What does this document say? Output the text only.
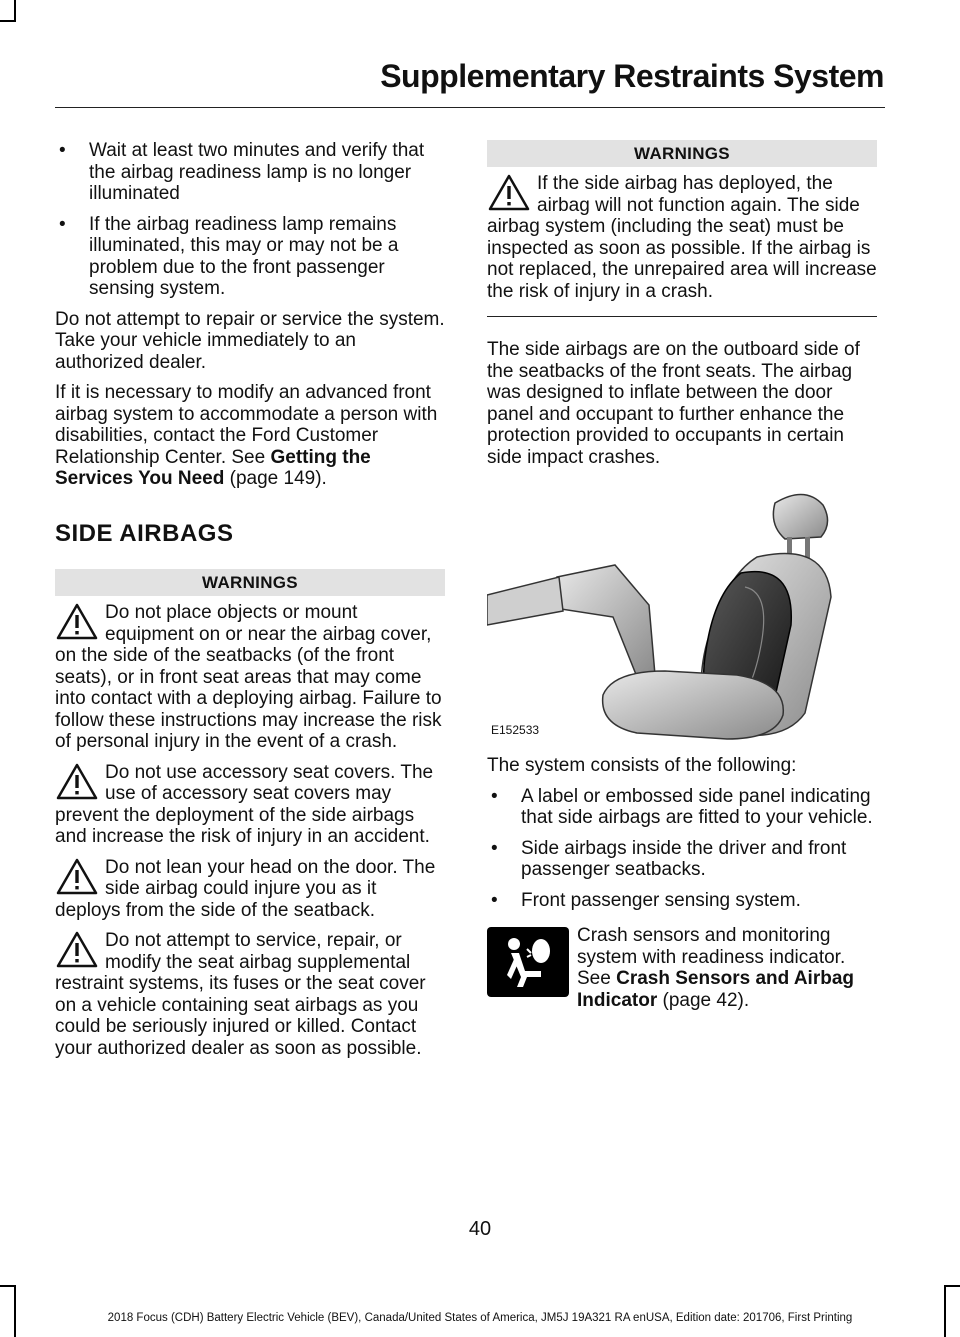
Supplementary Restraints System
• Wait at least two minutes and verify that the airbag readiness lamp is no longer illuminated
• If the airbag readiness lamp remains illuminated, this may or may not be a problem due to the front passenger sensing system.

Do not attempt to repair or service the system. Take your vehicle immediately to an authorized dealer.

If it is necessary to modify an advanced front airbag system to accommodate a person with disabilities, contact the Ford Customer Relationship Center. See Getting the Services You Need (page 149).

SIDE AIRBAGS
WARNINGS
Do not place objects or mount equipment on or near the airbag cover, on the side of the seatbacks (of the front seats), or in front seat areas that may come into contact with a deploying airbag. Failure to follow these instructions may increase the risk of personal injury in the event of a crash.
Do not use accessory seat covers. The use of accessory seat covers may prevent the deployment of the side airbags and increase the risk of injury in an accident.
Do not lean your head on the door. The side airbag could injure you as it deploys from the side of the seatback.
Do not attempt to service, repair, or modify the seat airbag supplemental restraint systems, its fuses or the seat cover on a vehicle containing seat airbags as you could be seriously injured or killed. Contact your authorized dealer as soon as possible.
WARNINGS
If the side airbag has deployed, the airbag will not function again. The side airbag system (including the seat) must be inspected as soon as possible. If the airbag is not replaced, the unrepaired area will increase the risk of injury in a crash.

The side airbags are on the outboard side of the seatbacks of the front seats. The airbag was designed to inflate between the door panel and occupant to further enhance the protection provided to occupants in certain side impact crashes.

E152533

The system consists of the following:

• A label or embossed side panel indicating that side airbags are fitted to your vehicle.
• Side airbags inside the driver and front passenger seatbacks.
• Front passenger sensing system.
Crash sensors and monitoring system with readiness indicator. See Crash Sensors and Airbag Indicator (page 42).
40
2018 Focus (CDH) Battery Electric Vehicle (BEV), Canada/United States of America, JM5J 19A321 RA enUSA, Edition date: 201706, First Printing
